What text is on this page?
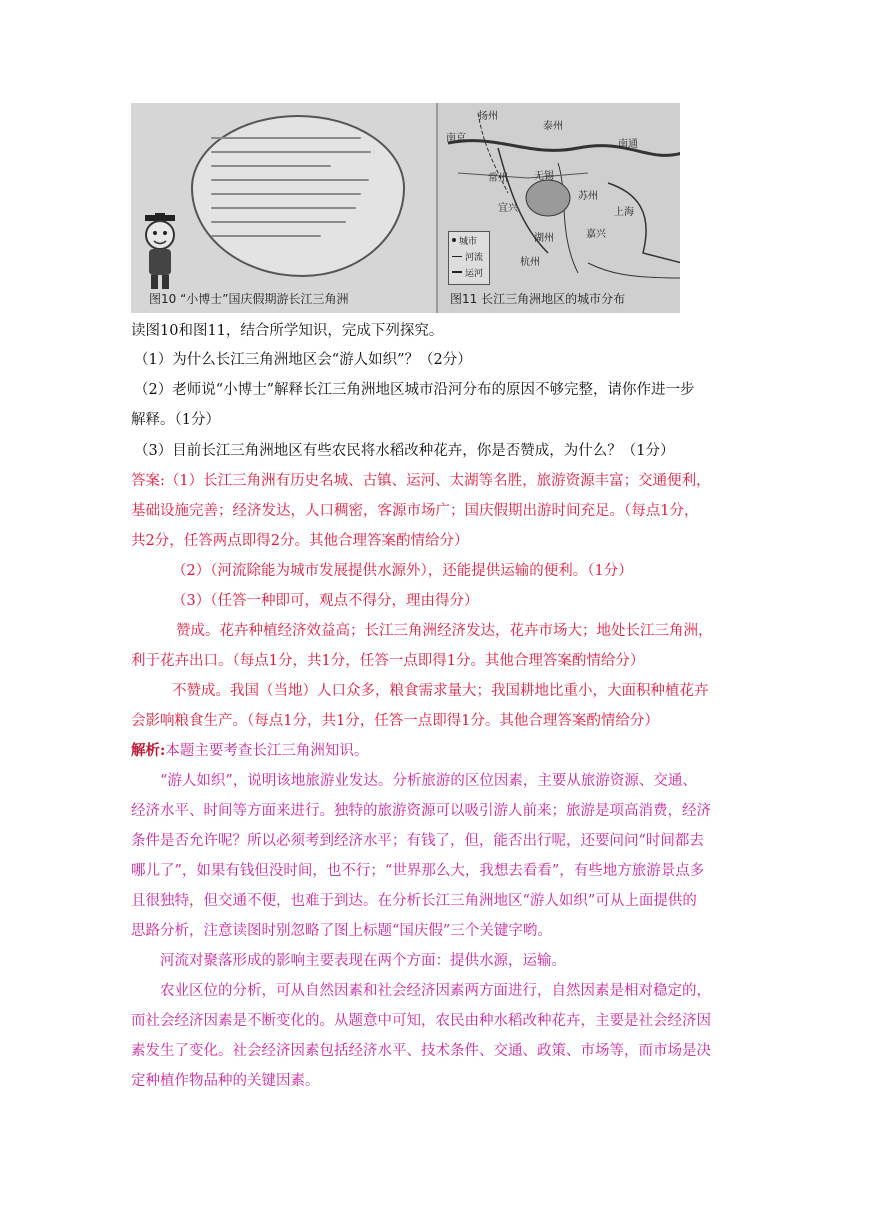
图10 “小博士”国庆假期游长江三角洲
扬州
南京
泰州
南通
常州	无锡
苏州
宜兴	上海
湖州	嘉兴
杭州
城市
河流
运河
图11 长江三角洲地区的城市分布
读图10和图11，结合所学知识，完成下列探究。
（1）为什么长江三角洲地区会“游人如织”？（2分）
（2）老师说“小博士”解释长江三角洲地区城市沿河分布的原因不够完整，请你作进一步
解释。（1分）
（3）目前长江三角洲地区有些农民将水稻改种花卉，你是否赞成，为什么？（1分）
答案:（1）长江三角洲有历史名城、古镇、运河、太湖等名胜，旅游资源丰富；交通便利，
基础设施完善；经济发达，人口稠密，客源市场广；国庆假期出游时间充足。（每点1分，
共2分，任答两点即得2分。其他合理答案酌情给分）
（2）（河流除能为城市发展提供水源外），还能提供运输的便利。（1分）
（3）（任答一种即可，观点不得分，理由得分）
赞成。花卉种植经济效益高；长江三角洲经济发达，花卉市场大；地处长江三角洲，
利于花卉出口。（每点1分，共1分，任答一点即得1分。其他合理答案酌情给分）
不赞成。我国（当地）人口众多，粮食需求量大；我国耕地比重小，大面积种植花卉
会影响粮食生产。（每点1分，共1分，任答一点即得1分。其他合理答案酌情给分）
解析:本题主要考查长江三角洲知识。
“游人如织”，说明该地旅游业发达。分析旅游的区位因素，主要从旅游资源、交通、
经济水平、时间等方面来进行。独特的旅游资源可以吸引游人前来；旅游是项高消费，经济
条件是否允许呢？所以必须考到经济水平；有钱了，但，能否出行呢，还要问问“时间都去
哪儿了”，如果有钱但没时间，也不行；“世界那么大，我想去看看”，有些地方旅游景点多
且很独特，但交通不便，也难于到达。在分析长江三角洲地区“游人如织”可从上面提供的
思路分析，注意读图时别忽略了图上标题“国庆假”三个关键字哟。
河流对聚落形成的影响主要表现在两个方面：提供水源，运输。
农业区位的分析，可从自然因素和社会经济因素两方面进行，自然因素是相对稳定的，
而社会经济因素是不断变化的。从题意中可知，农民由种水稻改种花卉，主要是社会经济因
素发生了变化。社会经济因素包括经济水平、技术条件、交通、政策、市场等，而市场是决
定种植作物品种的关键因素。
